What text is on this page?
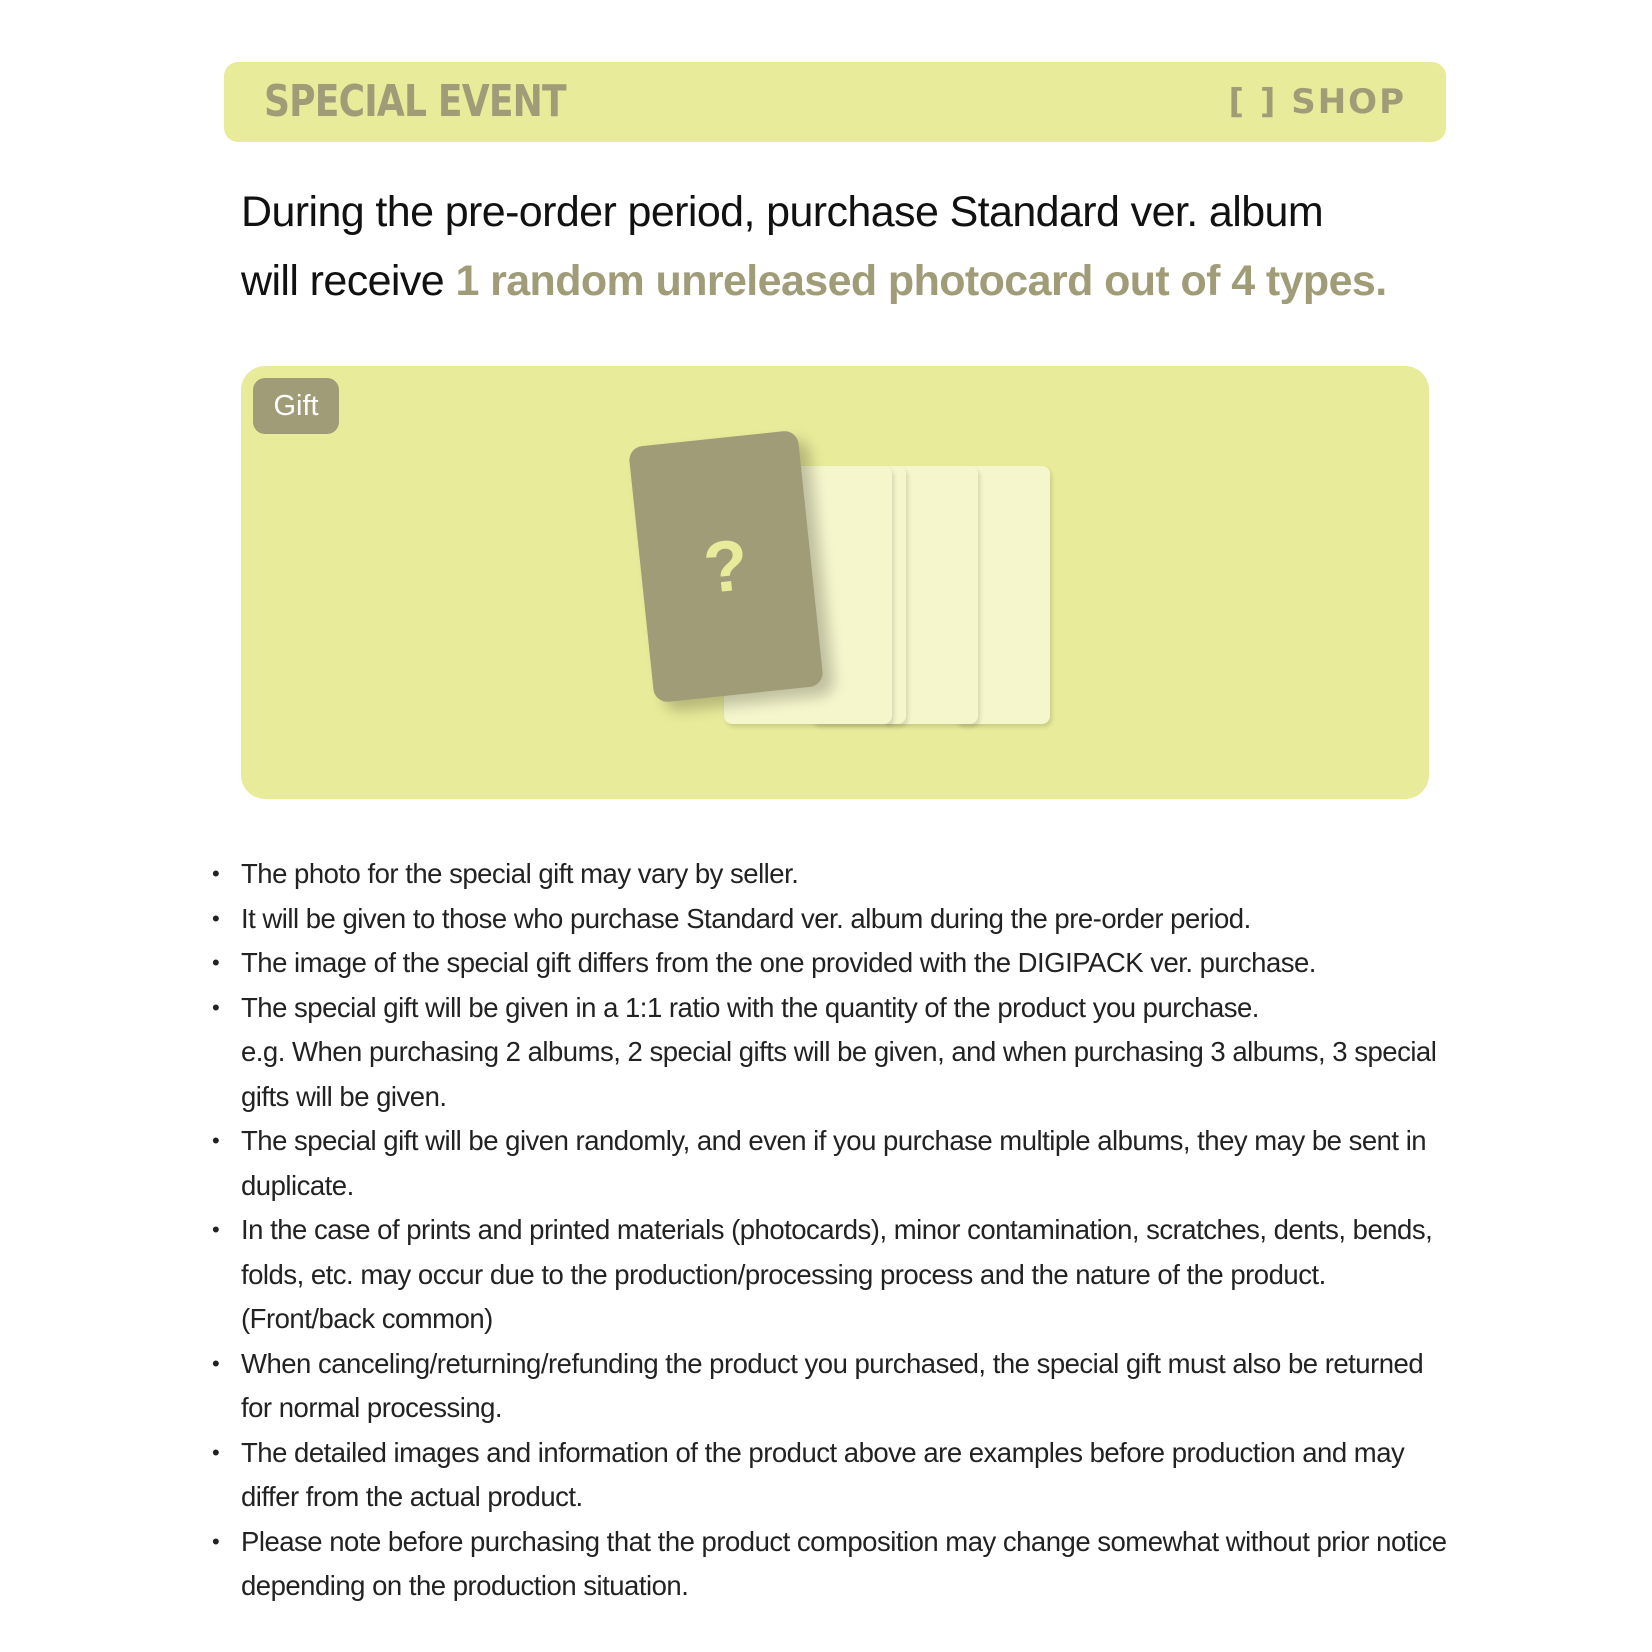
SPECIAL EVENT	[ ] SHOP
During the pre-order period, purchase Standard ver. album
will receive 1 random unreleased photocard out of 4 types.
Gift
?
• The photo for the special gift may vary by seller.
• It will be given to those who purchase Standard ver. album during the pre-order period.
• The image of the special gift differs from the one provided with the DIGIPACK ver. purchase.
• The special gift will be given in a 1:1 ratio with the quantity of the product you purchase.
e.g. When purchasing 2 albums, 2 special gifts will be given, and when purchasing 3 albums, 3 special gifts will be given.
• The special gift will be given randomly, and even if you purchase multiple albums, they may be sent in duplicate.
• In the case of prints and printed materials (photocards), minor contamination, scratches, dents, bends, folds, etc. may occur due to the production/processing process and the nature of the product. (Front/back common)
• When canceling/returning/refunding the product you purchased, the special gift must also be returned for normal processing.
• The detailed images and information of the product above are examples before production and may differ from the actual product.
• Please note before purchasing that the product composition may change somewhat without prior notice depending on the production situation.
